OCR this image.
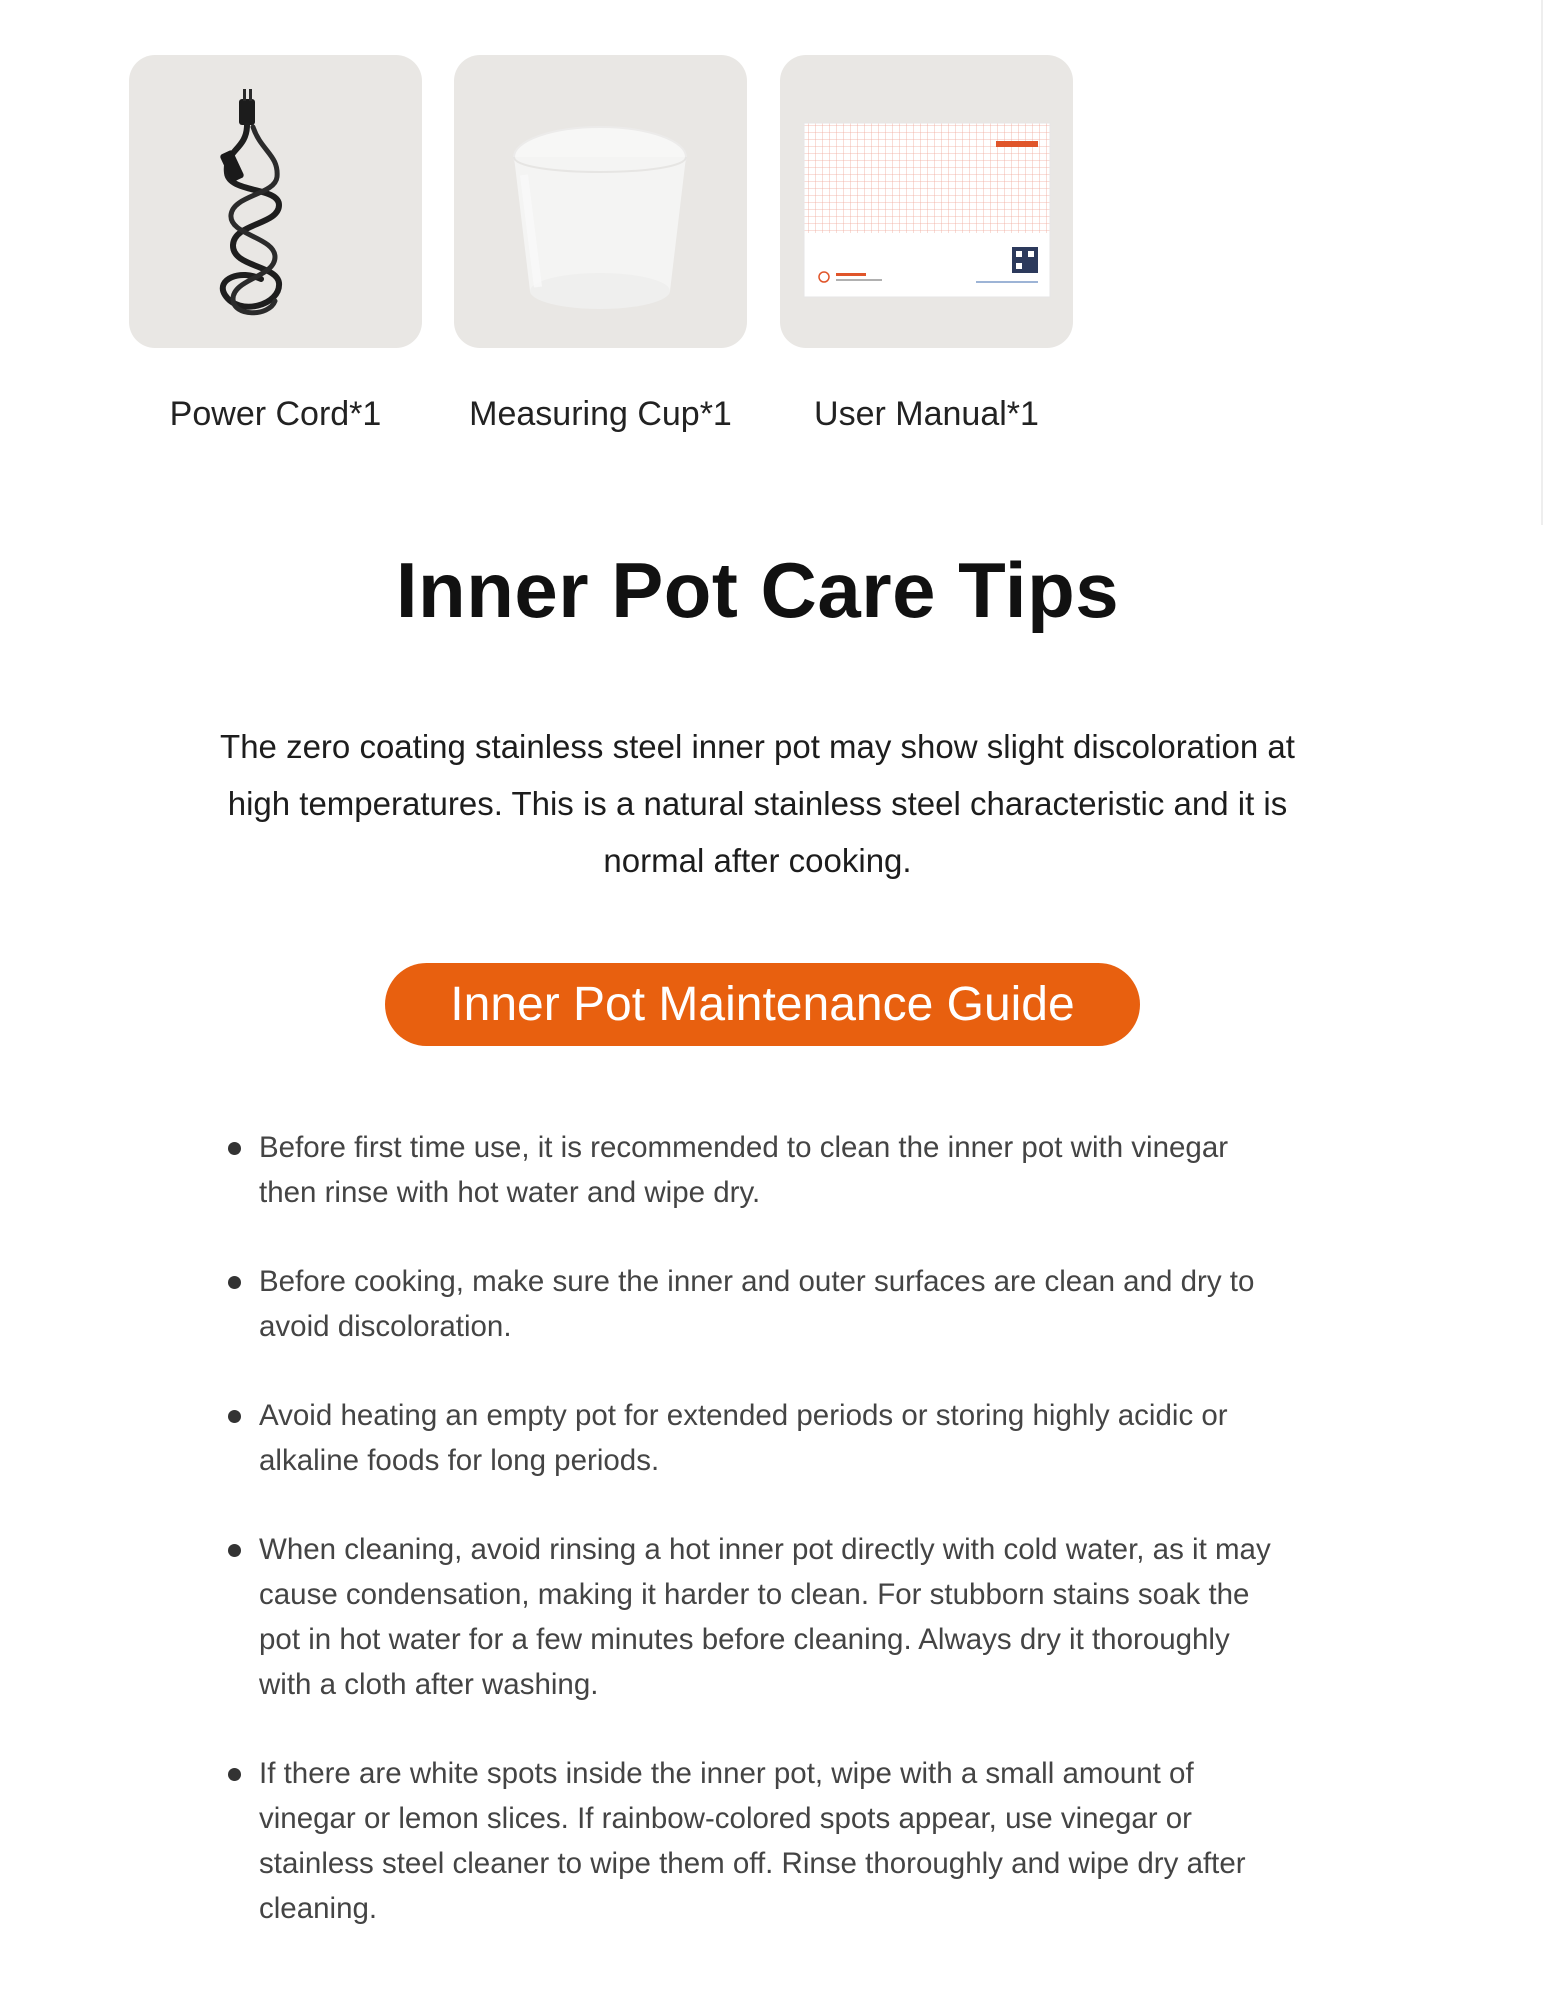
Power Cord*1	Measuring Cup*1	User Manual*1
Inner Pot Care Tips

The zero coating stainless steel inner pot may show slight discoloration at high temperatures. This is a natural stainless steel characteristic and it is normal after cooking.

Inner Pot Maintenance Guide
Before first time use, it is recommended to clean the inner pot with vinegar then rinse with hot water and wipe dry.
Before cooking, make sure the inner and outer surfaces are clean and dry to avoid discoloration.
Avoid heating an empty pot for extended periods or storing highly acidic or alkaline foods for long periods.
When cleaning, avoid rinsing a hot inner pot directly with cold water, as it may cause condensation, making it harder to clean. For stubborn stains soak the pot in hot water for a few minutes before cleaning. Always dry it thoroughly with a cloth after washing.
If there are white spots inside the inner pot, wipe with a small amount of vinegar or lemon slices. If rainbow-colored spots appear, use vinegar or stainless steel cleaner to wipe them off. Rinse thoroughly and wipe dry after cleaning.
